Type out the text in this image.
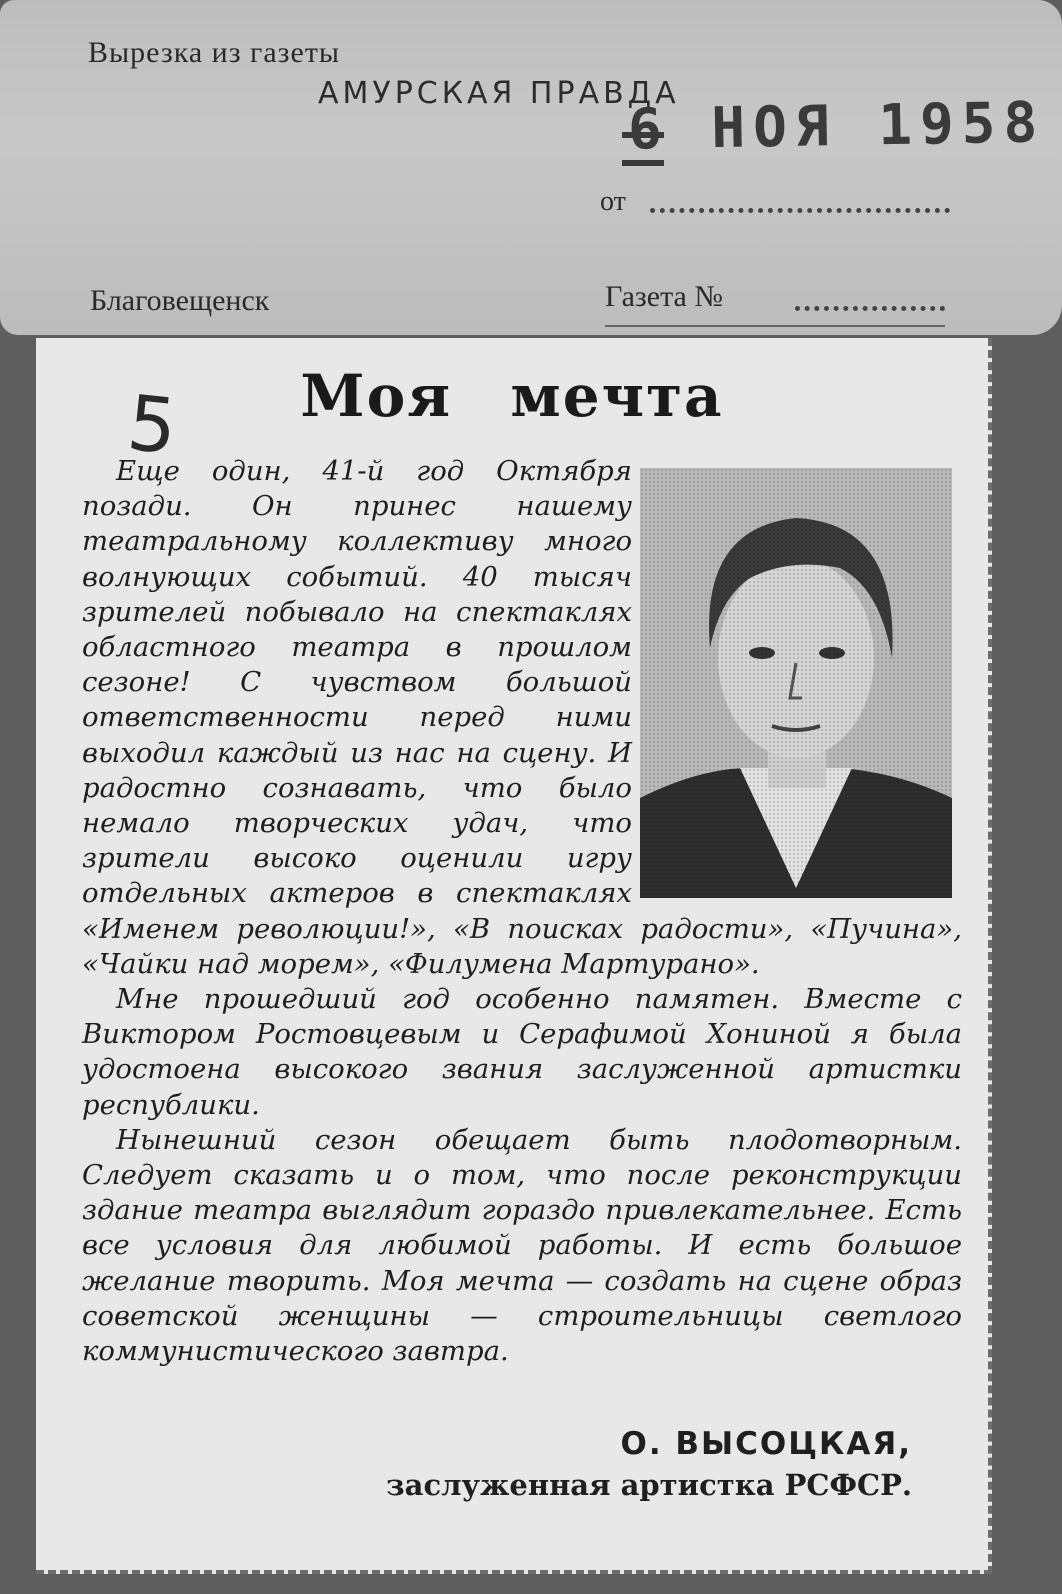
Вырезка из газеты
АМУРСКАЯ ПРАВДА
6 НОЯ 1958
от
Благовещенск	Газета №
5	Моя мечта

Еще один, 41-й год Октября позади. Он принес нашему театральному коллективу много волнующих событий. 40 тысяч зрителей побывало на спектаклях областного театра в прошлом сезоне! С чувством большой ответственности перед ними выходил каждый из нас на сцену. И радостно сознавать, что было немало творческих удач, что зрители высоко оценили игру отдельных актеров в спектаклях «Именем революции!», «В поисках радости», «Пучина», «Чайки над морем», «Филумена Мартурано».

Мне прошедший год особенно памятен. Вместе с Виктором Ростовцевым и Серафимой Хониной я была удостоена высокого звания заслуженной артистки республики.

Нынешний сезон обещает быть плодотворным. Следует сказать и о том, что после реконструкции здание театра выглядит гораздо привлекательнее. Есть все условия для любимой работы. И есть большое желание творить. Моя мечта — создать на сцене образ советской женщины — строительницы светлого коммунистического завтра.

О. ВЫСОЦКАЯ,
заслуженная артистка РСФСР.
